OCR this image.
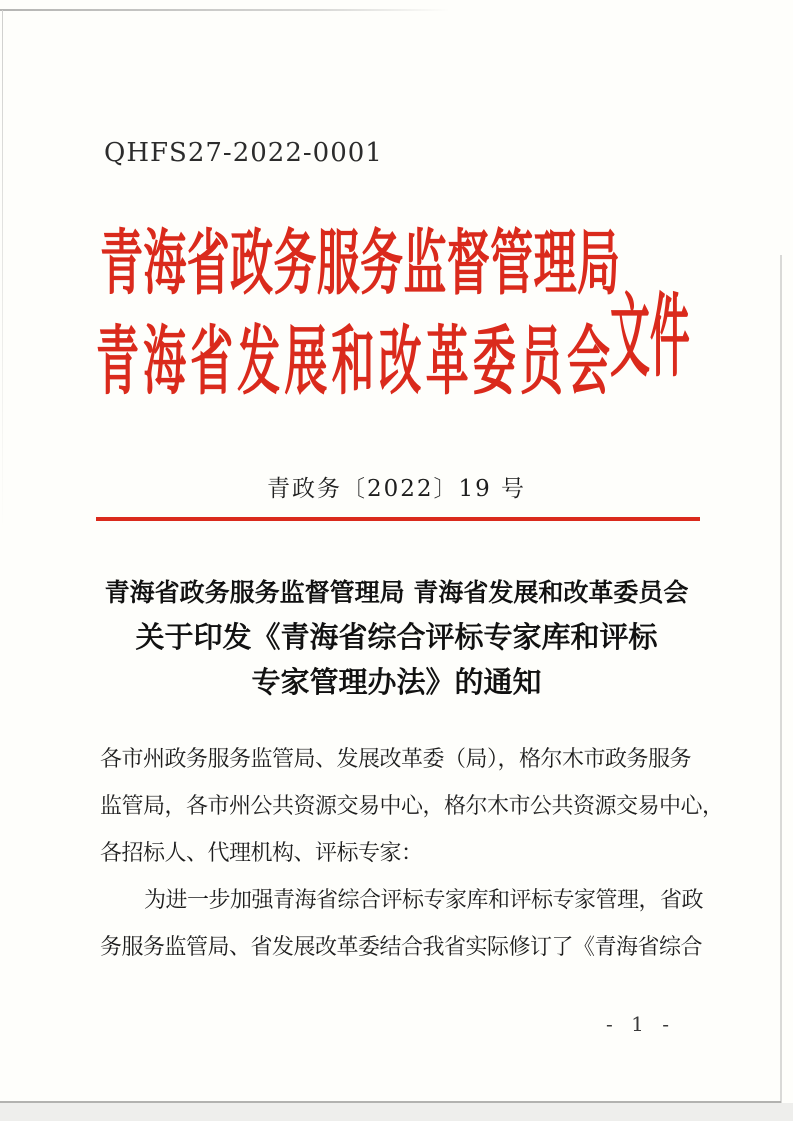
QHFS27-2022-0001
青 海 省 政 务 服 务 监 督 管 理 局
青 海 省 发 展 和 改 革 委 员 会 文件
青政务〔2022〕19 号
青海省政务服务监督管理局 青海省发展和改革委员会
关于印发《青海省综合评标专家库和评标
专家管理办法》的通知
各市州政务服务监管局、发展改革委（局），格尔木市政务服务
监管局，各市州公共资源交易中心，格尔木市公共资源交易中心，
各招标人、代理机构、评标专家：
为进一步加强青海省综合评标专家库和评标专家管理，省政
务服务监管局、省发展改革委结合我省实际修订了《青海省综合
- 1 -
